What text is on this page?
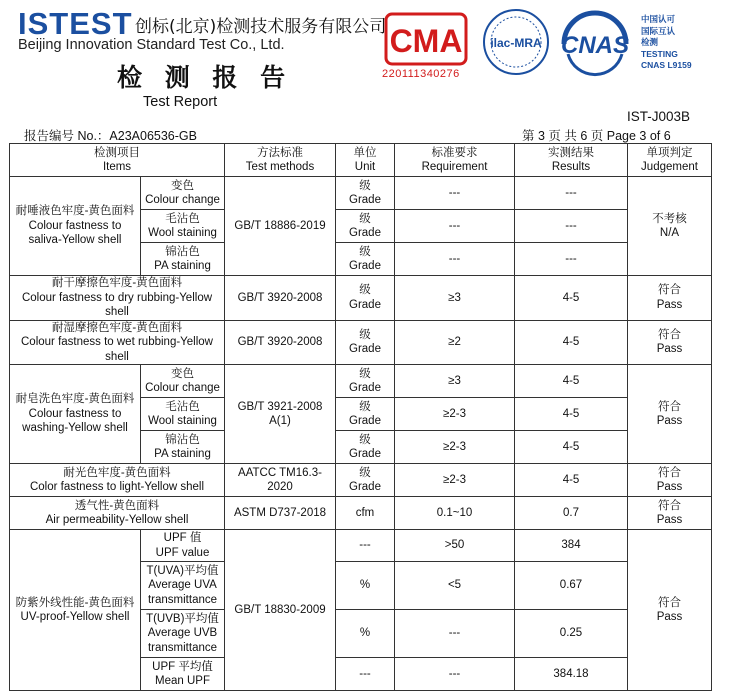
ISTEST 创标(北京)检测技术服务有限公司
Beijing Innovation Standard Test Co., Ltd.
检 测 报 告
Test Report
CMA
220111340276
ilac-MRA CNAS
中国认可
国际互认
检测
TESTING
CNAS L9159
IST-J003B
报告编号 No.：A23A06536-GB	第 3 页 共 6 页 Page 3 of 6
检测项目
Items		方法标准
Test methods	单位
Unit	标准要求
Requirement	实测结果
Results	单项判定
Judgement

耐唾液色牢度-黄色面料
Colour fastness to saliva-Yellow shell	变色
Colour change	GB/T 18886-2019	级
Grade	---	---	不考核
N/A

	毛沾色
Wool staining		级
Grade	---	---	

	锦沾色
PA staining		级
Grade	---	---	

耐干摩擦色牢度-黄色面料
Colour fastness to dry rubbing-Yellow shell		GB/T 3920-2008	级
Grade	≥3	4-5	符合
Pass

耐湿摩擦色牢度-黄色面料
Colour fastness to wet rubbing-Yellow shell		GB/T 3920-2008	级
Grade	≥2	4-5	符合
Pass

耐皂洗色牢度-黄色面料
Colour fastness to washing-Yellow shell	变色
Colour change	GB/T 3921-2008 A(1)	级
Grade	≥3	4-5	符合
Pass

	毛沾色
Wool staining		级
Grade	≥2-3	4-5	

	锦沾色
PA staining		级
Grade	≥2-3	4-5	

耐光色牢度-黄色面料
Color fastness to light-Yellow shell		AATCC TM16.3-2020	级
Grade	≥2-3	4-5	符合
Pass

透气性-黄色面料
Air permeability-Yellow shell		ASTM D737-2018	cfm	0.1~10	0.7	符合
Pass

防紫外线性能-黄色面料
UV-proof-Yellow shell	UPF 值
UPF value	GB/T 18830-2009	---	>50	384	符合
Pass

	T(UVA)平均值
Average UVA transmittance		%	<5	0.67	

	T(UVB)平均值
Average UVB transmittance		%	---	0.25	

	UPF 平均值
Mean UPF		---	---	384.18	
